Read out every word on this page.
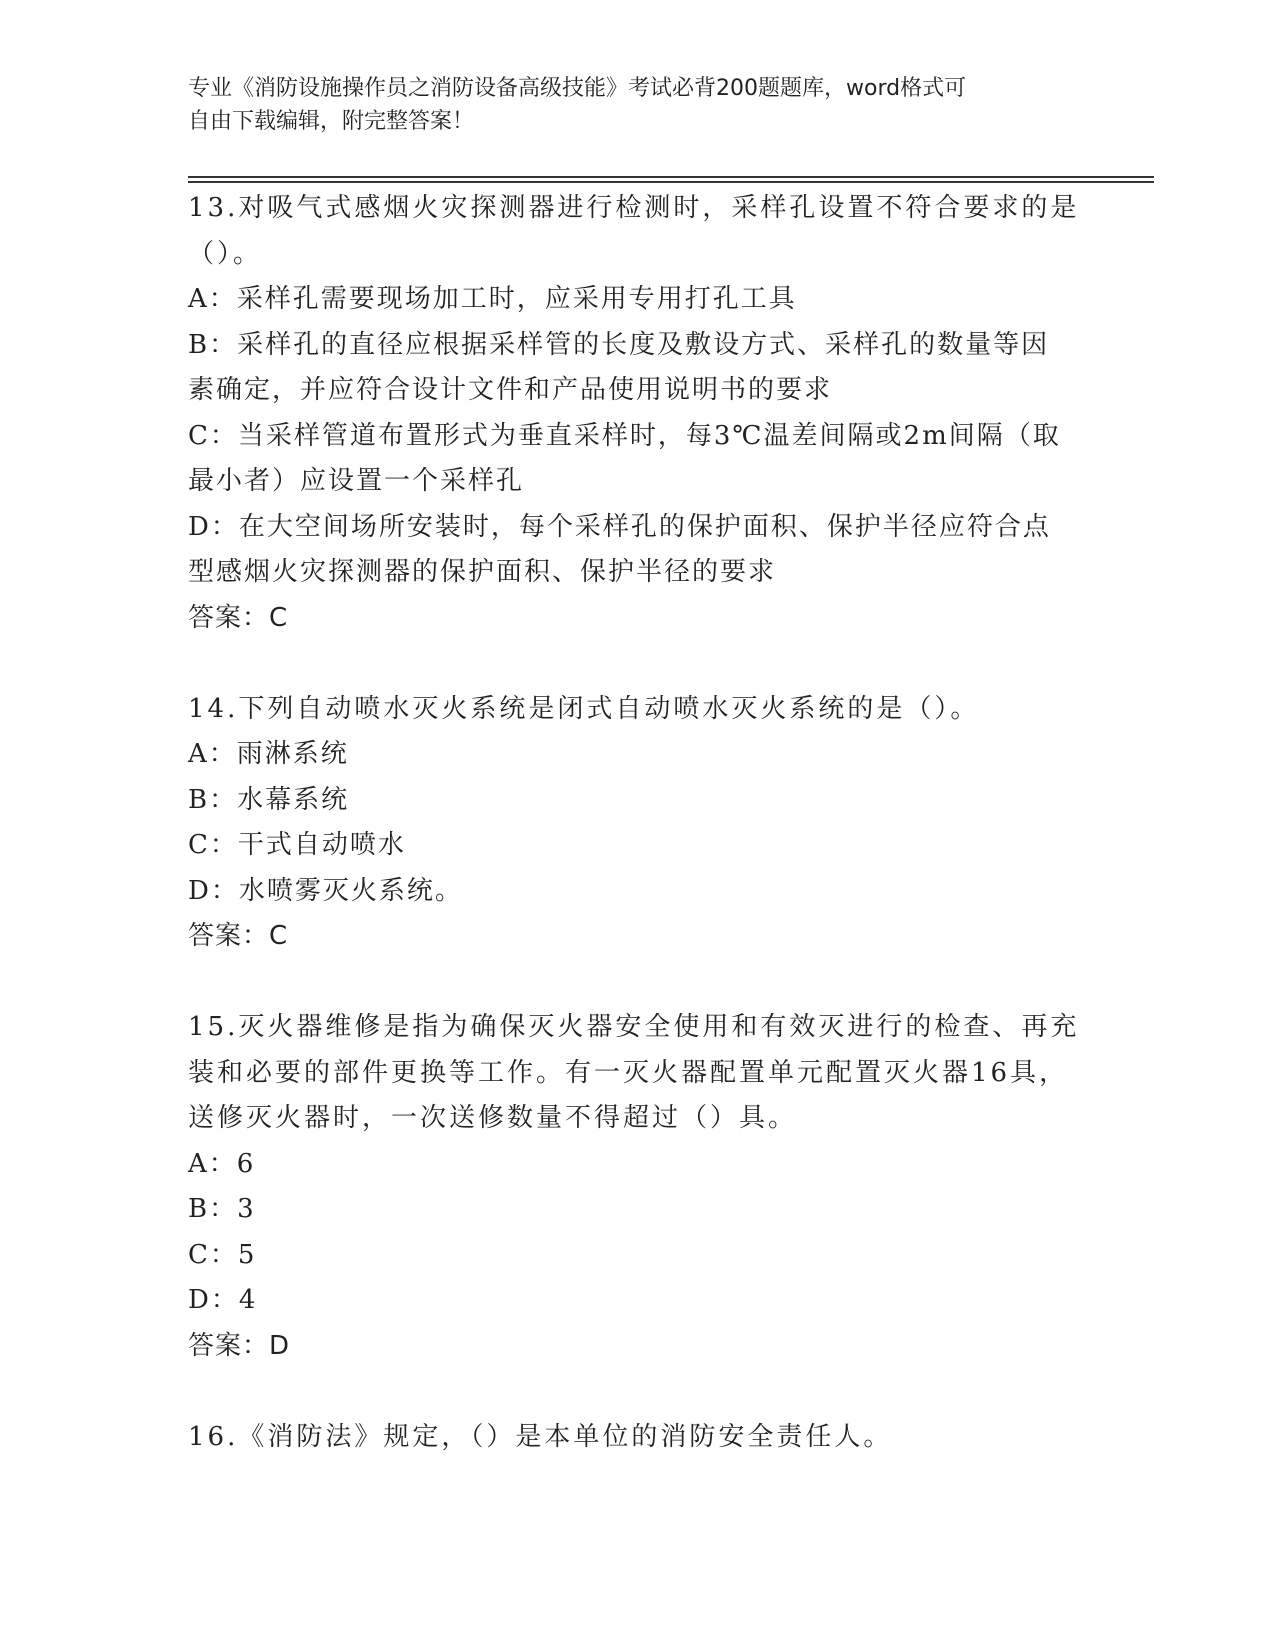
专业《消防设施操作员之消防设备高级技能》考试必背200题题库，word格式可
自由下载编辑，附完整答案！
13.对吸气式感烟火灾探测器进行检测时，采样孔设置不符合要求的是
（）。
A：采样孔需要现场加工时，应采用专用打孔工具
B：采样孔的直径应根据采样管的长度及敷设方式、采样孔的数量等因
素确定，并应符合设计文件和产品使用说明书的要求
C：当采样管道布置形式为垂直采样时，每3℃温差间隔或2m间隔（取
最小者）应设置一个采样孔
D：在大空间场所安装时，每个采样孔的保护面积、保护半径应符合点
型感烟火灾探测器的保护面积、保护半径的要求
答案：C
14.下列自动喷水灭火系统是闭式自动喷水灭火系统的是（）。
A：雨淋系统
B：水幕系统
C：干式自动喷水
D：水喷雾灭火系统。
答案：C
15.灭火器维修是指为确保灭火器安全使用和有效灭进行的检查、再充
装和必要的部件更换等工作。有一灭火器配置单元配置灭火器16具，
送修灭火器时，一次送修数量不得超过（）具。
A：6
B：3
C：5
D：4
答案：D
16.《消防法》规定，（）是本单位的消防安全责任人。
